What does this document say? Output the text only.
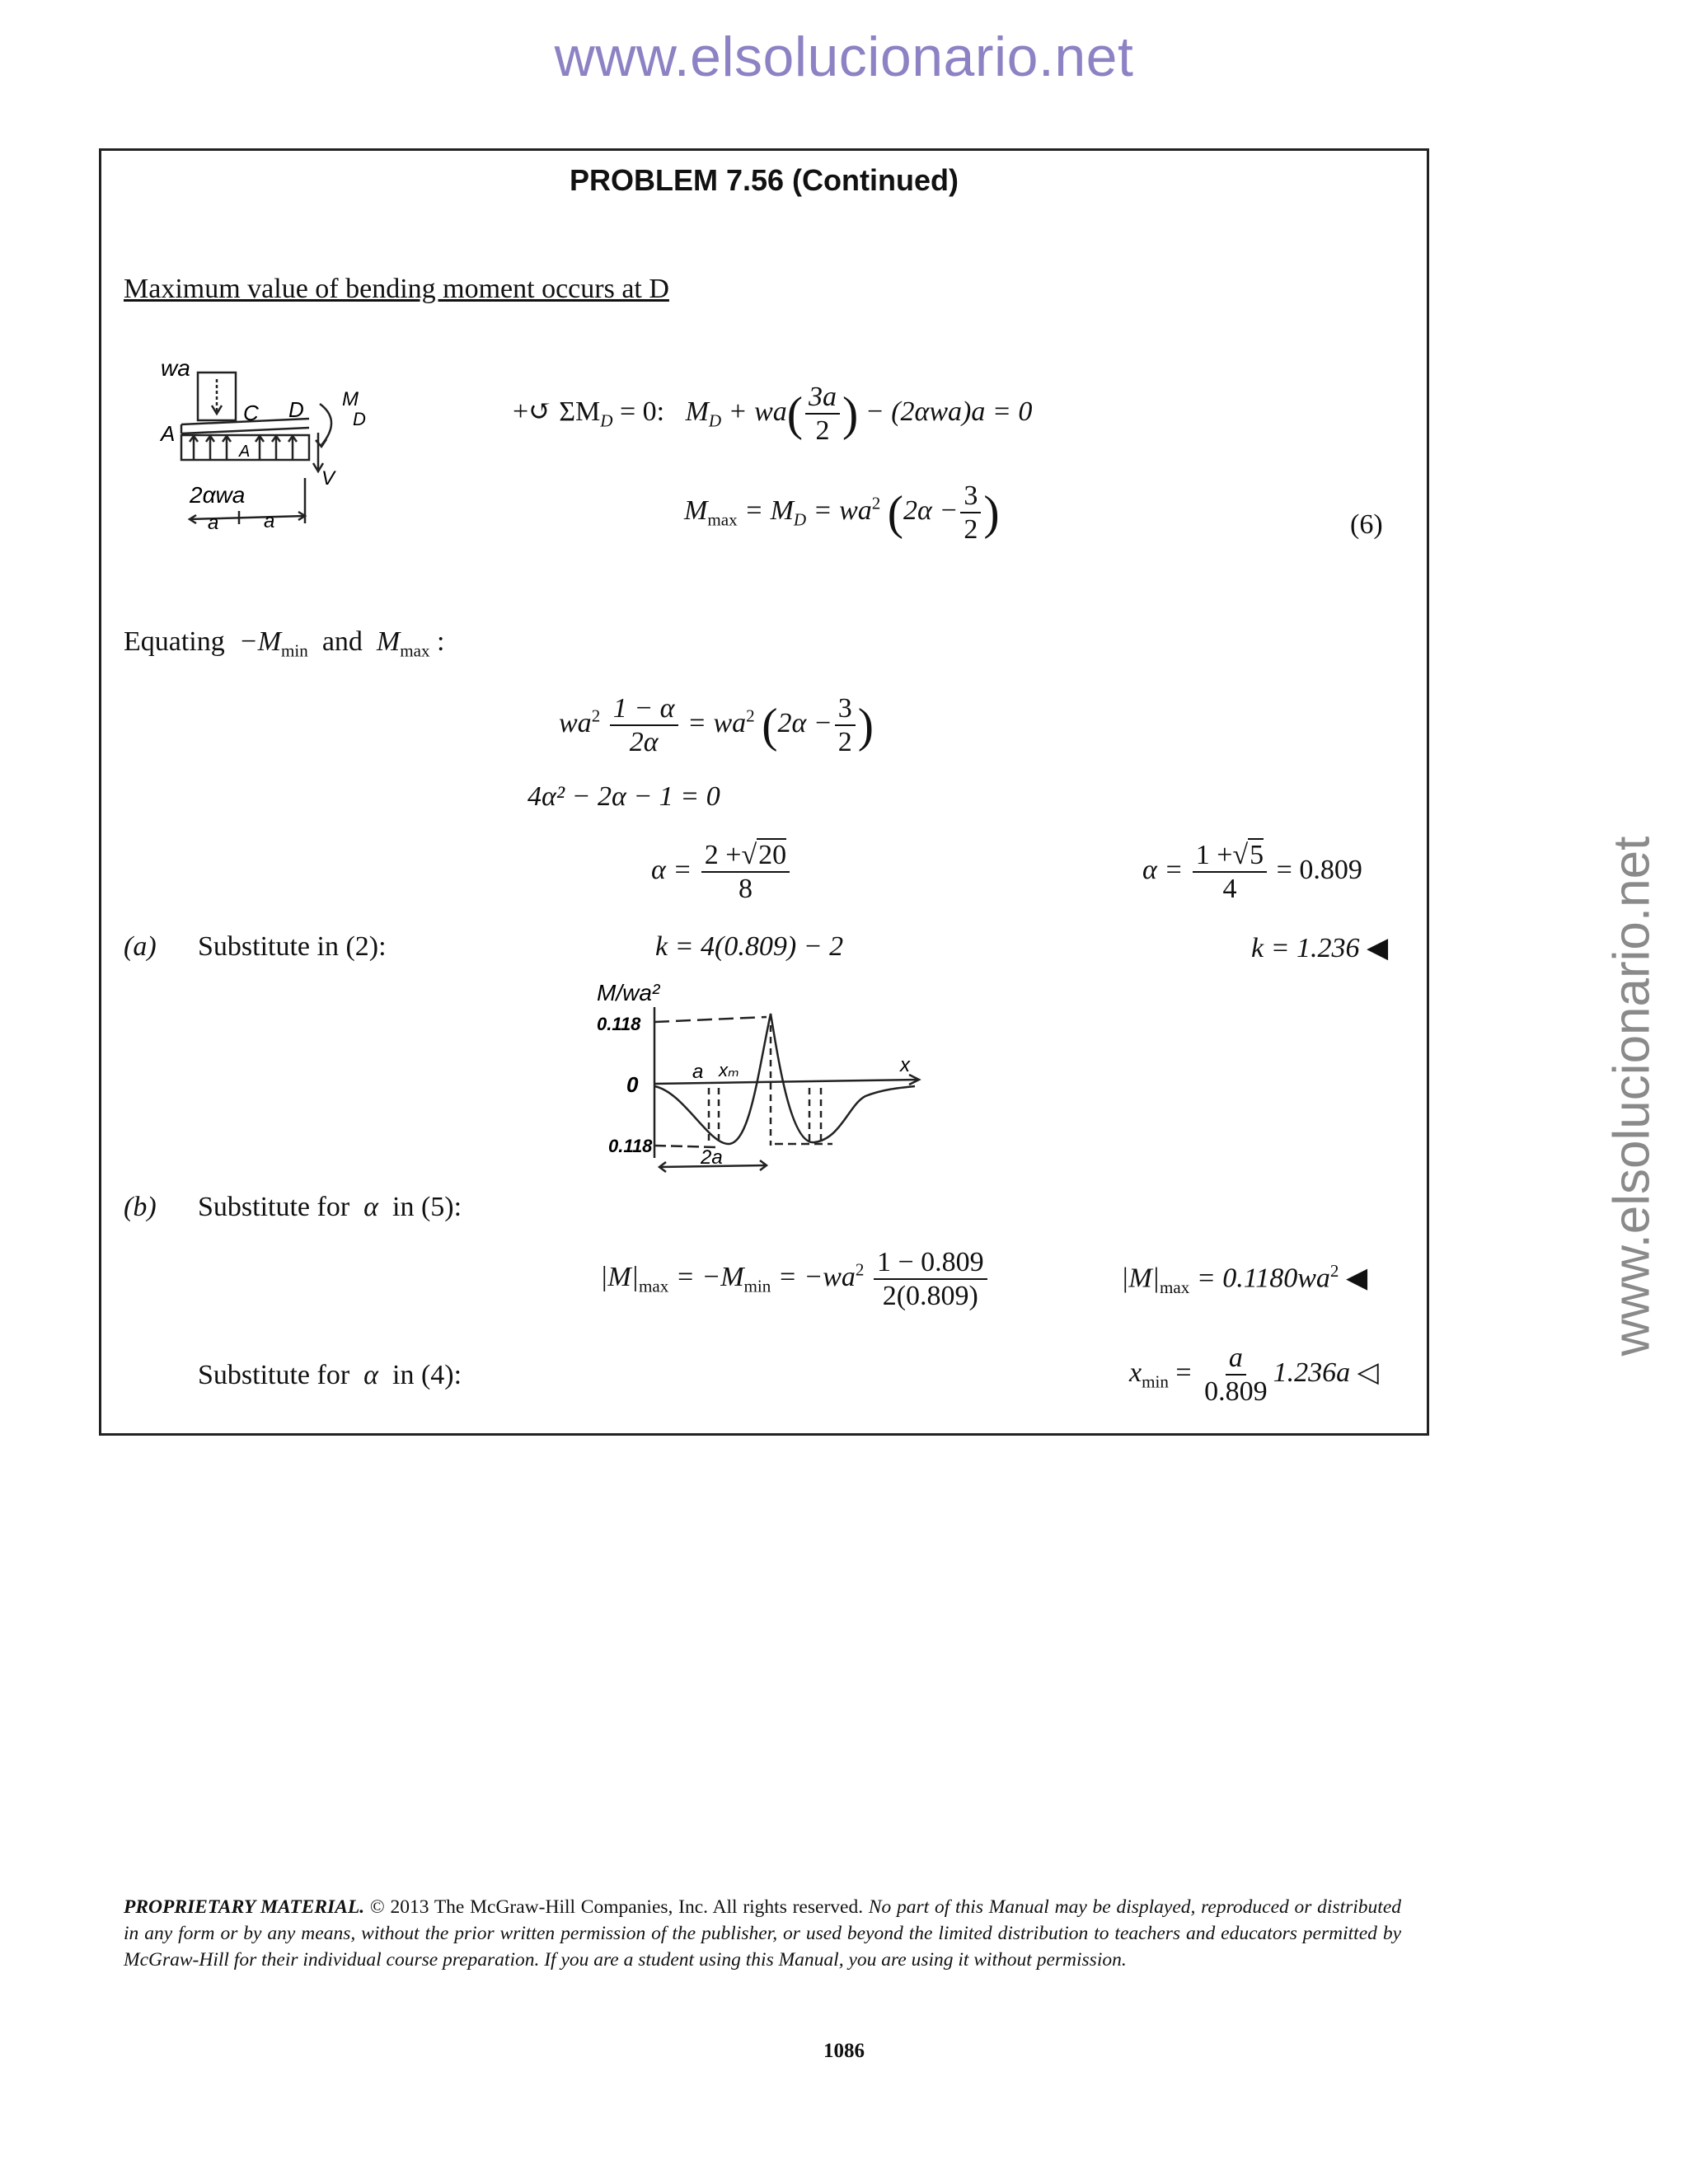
www.elsolucionario.net
www.elsolucionario.net
PROBLEM 7.56 (Continued)
Maximum value of bending moment occurs at D
wa
A
C D M
D
V
A
2αwa
a a
+↺ $\Sigma M_D = 0$: $M_D + wa( \frac{3a}{2}$ ) − (2αwa)a = 0
$M_{max} = M_D = wa^2$ ($2\alpha - \frac{3}{2}$ )	(6)
Equating $-M_{min}$ and $M_{max}$ :
$wa^2 \frac{1 - \alpha}{2\alpha} = wa^2$ ($2\alpha - \frac{3}{2}$ )
4α² − 2α − 1 = 0
$\alpha = \frac{2 +√20}{8}$	$\alpha = \frac{1 +√5}{4} = 0.809$
(a) Substitute in (2):	k = 4(0.809) − 2	k = 1.236 ◀
M/wa²
0.118
0
0.118
a xₘ	x
2a
(b) Substitute for α in (5):
$|M|_{max} = -M_{min} = -wa^2 \frac{1 - 0.809}{2(0.809)}$	$|M|_{max} = 0.1180wa^2$ ◀
Substitute for α in (4):	$x_{min} = \frac{a}{0.809} 1.236a$ ◁
PROPRIETARY MATERIAL. © 2013 The McGraw-Hill Companies, Inc. All rights reserved. No part of this Manual may be displayed, reproduced or distributed in any form or by any means, without the prior written permission of the publisher, or used beyond the limited distribution to teachers and educators permitted by McGraw-Hill for their individual course preparation. If you are a student using this Manual, you are using it without permission.
1086
